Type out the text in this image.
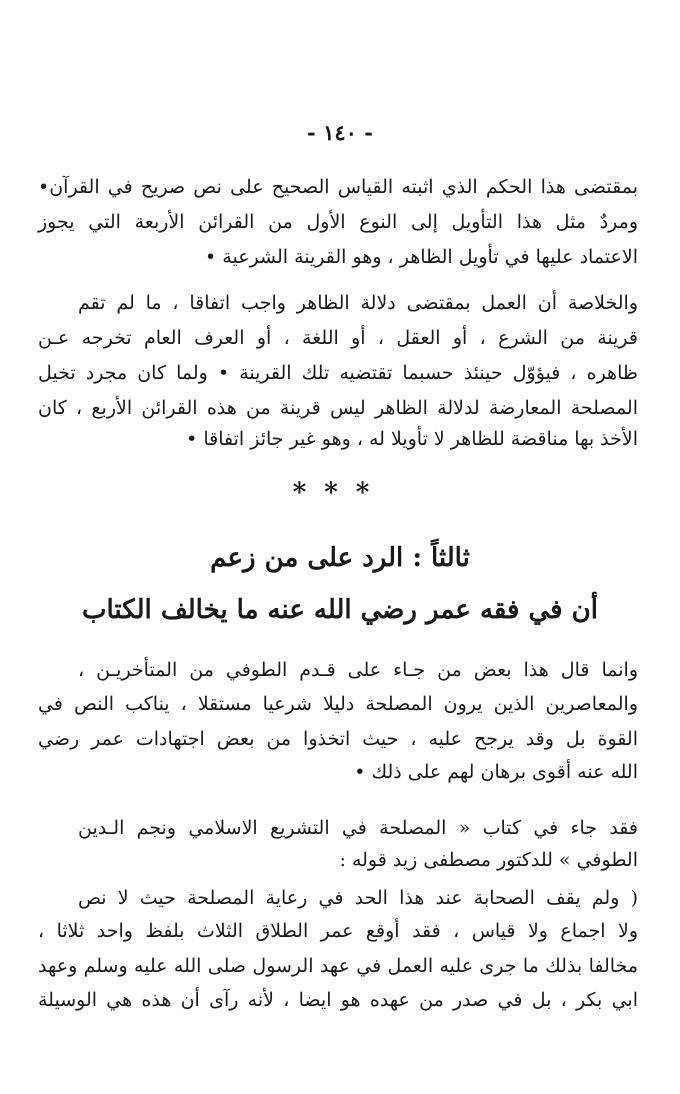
- ١٤٠ -
بمقتضى هذا الحكم الذي اثبته القياس الصحيح على نص صريح في القرآن•
ومردٌ مثل هذا التأويل إلى النوع الأول من القرائن الأربعة التي يجوز
الاعتماد عليها في تأويل الظاهر ، وهو القرينة الشرعية •
والخلاصة أن العمل بمقتضى دلالة الظاهر واجب اتفاقا ، ما لم تقم
قرينة من الشرع ، أو العقل ، أو اللغة ، أو العرف العام تخرجه عـن
ظاهره ، فيؤوّل حينئذ حسبما تقتضيه تلك القرينة • ولما كان مجرد تخيل
المصلحة المعارضة لدلالة الظاهر ليس قرينة من هذه القرائن الأربع ، كان
الأخذ بها مناقضة للظاهر لا تأويلا له ، وهو غير جائز اتفاقا •
***
ثالثاً : الرد على من زعم
أن في فقه عمر رضي الله عنه ما يخالف الكتاب
وانما قال هذا بعض من جـاء على قـدم الطوفي من المتأخريـن ،
والمعاصرين الذين يرون المصلحة دليلا شرعيا مستقلا ، يناكب النص في
القوة بل وقد يرجح عليه ، حيث اتخذوا من بعض اجتهادات عمر رضي
الله عنه أقوى برهان لهم على ذلك •
فقد جاء في كتاب « المصلحة في التشريع الاسلامي ونجم الـدين
الطوفي » للدكتور مصطفى زيد قوله :
( ولم يقف الصحابة عند هذا الحد في رعاية المصلحة حيث لا نص
ولا اجماع ولا قياس ، فقد أوقع عمر الطلاق الثلاث بلفظ واحد ثلاثا ،
مخالفا بذلك ما جرى عليه العمل في عهد الرسول صلى الله عليه وسلم وعهد
ابي بكر ، بل في صدر من عهده هو ايضا ، لأنه رآى أن هذه هي الوسيلة
